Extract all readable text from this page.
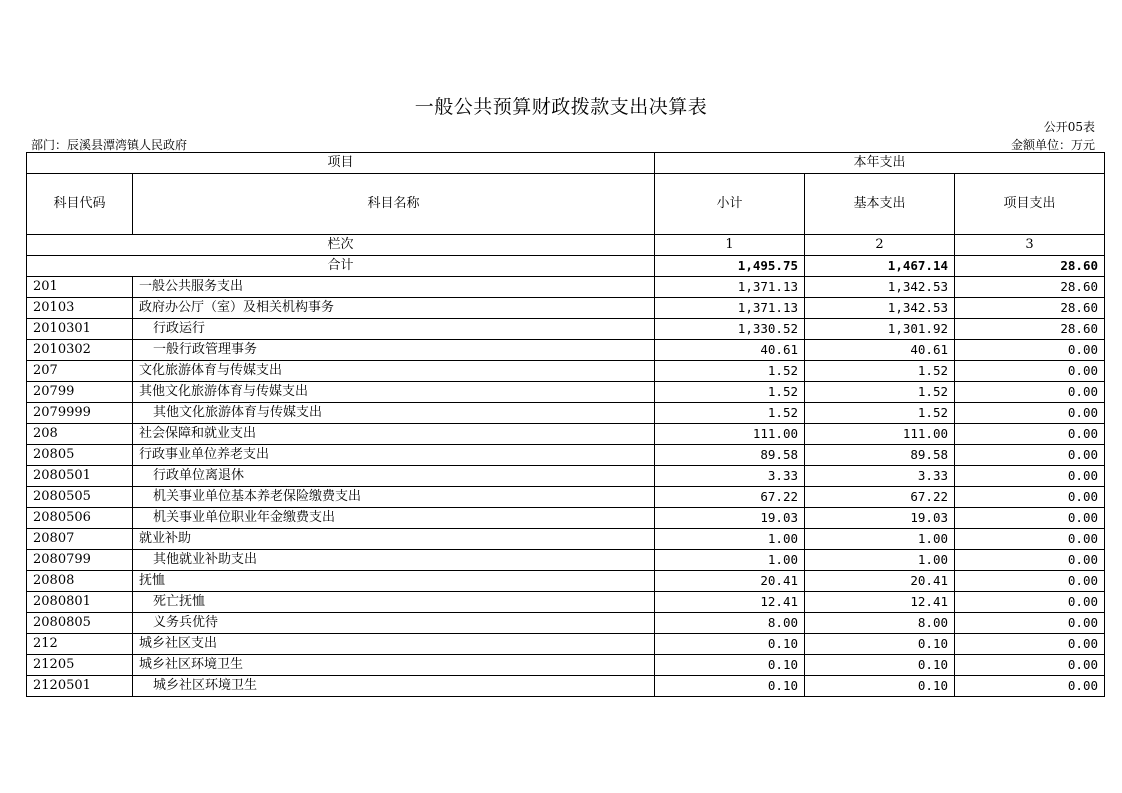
一般公共预算财政拨款支出决算表
公开05表
部门：辰溪县潭湾镇人民政府	金额单位：万元
项目		本年支出		
科目代码	科目名称	小计	基本支出	项目支出
栏次		1	2	3
合计		1,495.75	1,467.14	28.60
201	一般公共服务支出	1,371.13	1,342.53	28.60
20103	政府办公厅（室）及相关机构事务	1,371.13	1,342.53	28.60
2010301	行政运行	1,330.52	1,301.92	28.60
2010302	一般行政管理事务	40.61	40.61	0.00
207	文化旅游体育与传媒支出	1.52	1.52	0.00
20799	其他文化旅游体育与传媒支出	1.52	1.52	0.00
2079999	其他文化旅游体育与传媒支出	1.52	1.52	0.00
208	社会保障和就业支出	111.00	111.00	0.00
20805	行政事业单位养老支出	89.58	89.58	0.00
2080501	行政单位离退休	3.33	3.33	0.00
2080505	机关事业单位基本养老保险缴费支出	67.22	67.22	0.00
2080506	机关事业单位职业年金缴费支出	19.03	19.03	0.00
20807	就业补助	1.00	1.00	0.00
2080799	其他就业补助支出	1.00	1.00	0.00
20808	抚恤	20.41	20.41	0.00
2080801	死亡抚恤	12.41	12.41	0.00
2080805	义务兵优待	8.00	8.00	0.00
212	城乡社区支出	0.10	0.10	0.00
21205	城乡社区环境卫生	0.10	0.10	0.00
2120501	城乡社区环境卫生	0.10	0.10	0.00
